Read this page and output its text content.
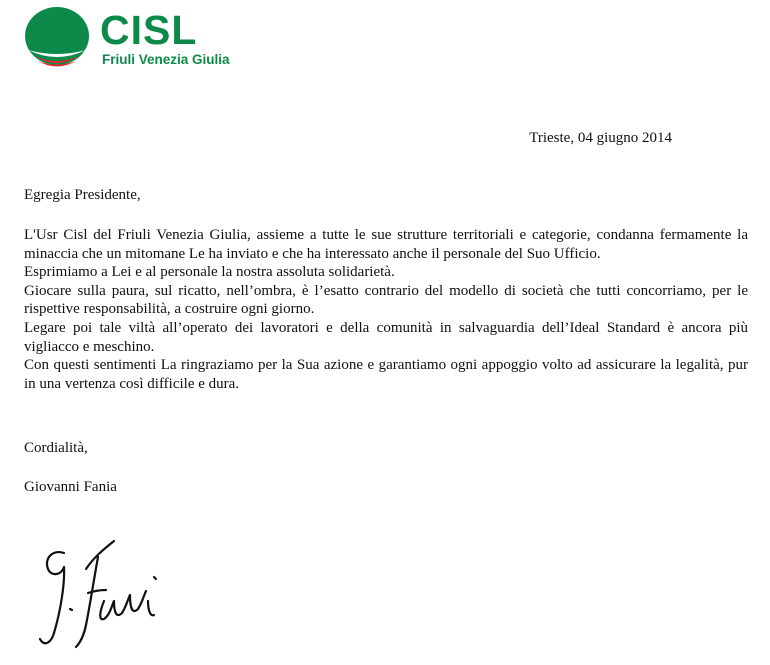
CISL
Friuli Venezia Giulia
Trieste, 04 giugno 2014
Egregia Presidente,

L'Usr Cisl del Friuli Venezia Giulia, assieme a tutte le sue strutture territoriali e categorie, condanna fermamente la minaccia che un mitomane Le ha inviato e che ha interessato anche il personale del Suo Ufficio.

Esprimiamo a Lei e al personale la nostra assoluta solidarietà.

Giocare sulla paura, sul ricatto, nell’ombra, è l’esatto contrario del modello di società che tutti concorriamo, per le rispettive responsabilità, a costruire ogni giorno.

Legare poi tale viltà all’operato dei lavoratori e della comunità in salvaguardia dell’Ideal Standard è ancora più vigliacco e meschino.

Con questi sentimenti La ringraziamo per la Sua azione e garantiamo ogni appoggio volto ad assicurare la legalità, pur in una vertenza così difficile e dura.

Cordialità,
Giovanni Fania
